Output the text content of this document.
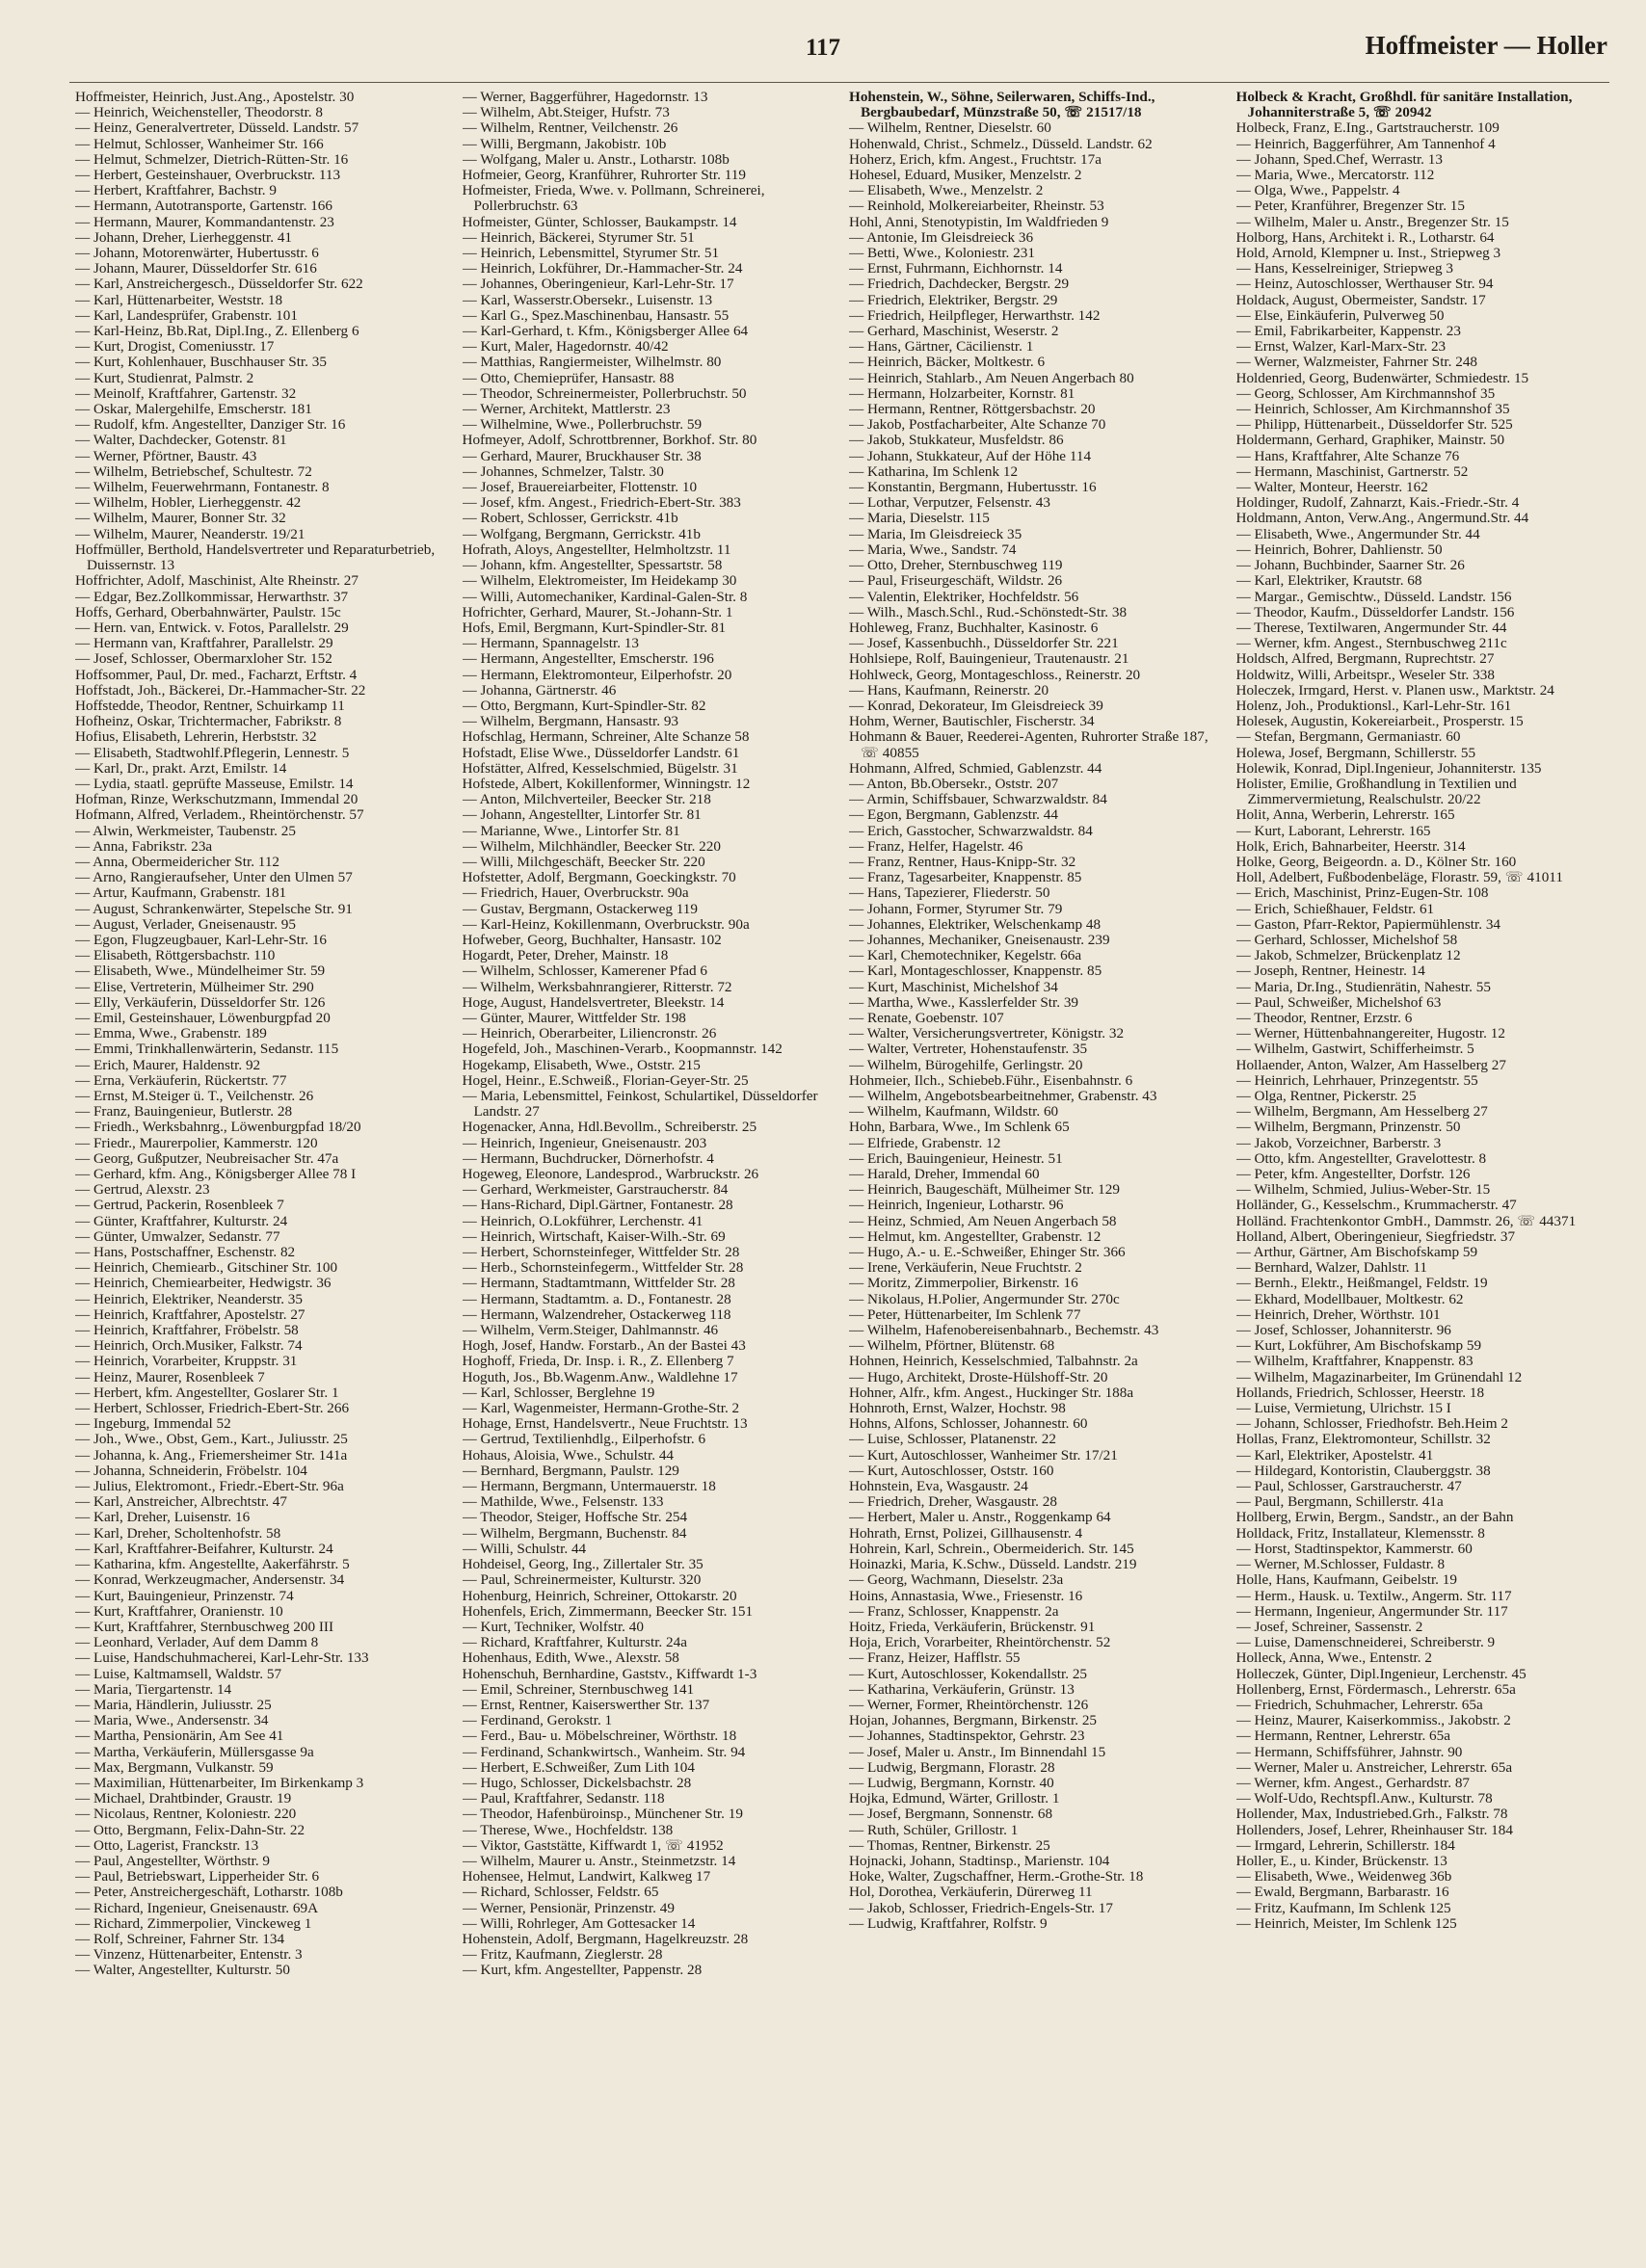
117	Hoffmeister — Holler

Hoffmeister, Heinrich, Just.Ang., Apostelstr. 30

— Heinrich, Weichensteller, Theodorstr. 8

— Heinz, Generalvertreter, Düsseld. Landstr. 57

— Helmut, Schlosser, Wanheimer Str. 166

— Helmut, Schmelzer, Dietrich-Rütten-Str. 16

— Herbert, Gesteinshauer, Overbruckstr. 113

— Herbert, Kraftfahrer, Bachstr. 9

— Hermann, Autotransporte, Gartenstr. 166

— Hermann, Maurer, Kommandantenstr. 23

— Johann, Dreher, Lierheggenstr. 41

— Johann, Motorenwärter, Hubertusstr. 6

— Johann, Maurer, Düsseldorfer Str. 616

— Karl, Anstreichergesch., Düsseldorfer Str. 622

— Karl, Hüttenarbeiter, Weststr. 18

— Karl, Landesprüfer, Grabenstr. 101

— Karl-Heinz, Bb.Rat, Dipl.Ing., Z. Ellenberg 6

— Kurt, Drogist, Comeniusstr. 17

— Kurt, Kohlenhauer, Buschhauser Str. 35

— Kurt, Studienrat, Palmstr. 2

— Meinolf, Kraftfahrer, Gartenstr. 32

— Oskar, Malergehilfe, Emscherstr. 181

— Rudolf, kfm. Angestellter, Danziger Str. 16

— Walter, Dachdecker, Gotenstr. 81

— Werner, Pförtner, Baustr. 43

— Wilhelm, Betriebschef, Schultestr. 72

— Wilhelm, Feuerwehrmann, Fontanestr. 8

— Wilhelm, Hobler, Lierheggenstr. 42

— Wilhelm, Maurer, Bonner Str. 32

— Wilhelm, Maurer, Neanderstr. 19/21

Hoffmüller, Berthold, Handelsvertreter und Reparaturbetrieb, Duissernstr. 13

Hoffrichter, Adolf, Maschinist, Alte Rheinstr. 27

— Edgar, Bez.Zollkommissar, Herwarthstr. 37

Hoffs, Gerhard, Oberbahnwärter, Paulstr. 15c

— Hern. van, Entwick. v. Fotos, Parallelstr. 29

— Hermann van, Kraftfahrer, Parallelstr. 29

— Josef, Schlosser, Obermarxloher Str. 152

Hoffsommer, Paul, Dr. med., Facharzt, Erftstr. 4

Hoffstadt, Joh., Bäckerei, Dr.-Hammacher-Str. 22

Hoffstedde, Theodor, Rentner, Schuirkamp 11

Hofheinz, Oskar, Trichtermacher, Fabrikstr. 8

Hofius, Elisabeth, Lehrerin, Herbststr. 32

— Elisabeth, Stadtwohlf.Pflegerin, Lennestr. 5

— Karl, Dr., prakt. Arzt, Emilstr. 14

— Lydia, staatl. geprüfte Masseuse, Emilstr. 14

Hofman, Rinze, Werkschutzmann, Immendal 20

Hofmann, Alfred, Verladem., Rheintörchenstr. 57

— Alwin, Werkmeister, Taubenstr. 25

— Anna, Fabrikstr. 23a

— Anna, Obermeidericher Str. 112

— Arno, Rangieraufseher, Unter den Ulmen 57

— Artur, Kaufmann, Grabenstr. 181

— August, Schrankenwärter, Stepelsche Str. 91

— August, Verlader, Gneisenaustr. 95

— Egon, Flugzeugbauer, Karl-Lehr-Str. 16

— Elisabeth, Röttgersbachstr. 110

— Elisabeth, Wwe., Mündelheimer Str. 59

— Elise, Vertreterin, Mülheimer Str. 290

— Elly, Verkäuferin, Düsseldorfer Str. 126

— Emil, Gesteinshauer, Löwenburgpfad 20

— Emma, Wwe., Grabenstr. 189

— Emmi, Trinkhallenwärterin, Sedanstr. 115

— Erich, Maurer, Haldenstr. 92

— Erna, Verkäuferin, Rückertstr. 77

— Ernst, M.Steiger ü. T., Veilchenstr. 26

— Franz, Bauingenieur, Butlerstr. 28

— Friedh., Werksbahnrg., Löwenburgpfad 18/20

— Friedr., Maurerpolier, Kammerstr. 120

— Georg, Gußputzer, Neubreisacher Str. 47a

— Gerhard, kfm. Ang., Königsberger Allee 78 I

— Gertrud, Alexstr. 23

— Gertrud, Packerin, Rosenbleek 7

— Günter, Kraftfahrer, Kulturstr. 24

— Günter, Umwalzer, Sedanstr. 77

— Hans, Postschaffner, Eschenstr. 82

— Heinrich, Chemiearb., Gitschiner Str. 100

— Heinrich, Chemiearbeiter, Hedwigstr. 36

— Heinrich, Elektriker, Neanderstr. 35

— Heinrich, Kraftfahrer, Apostelstr. 27

— Heinrich, Kraftfahrer, Fröbelstr. 58

— Heinrich, Orch.Musiker, Falkstr. 74

— Heinrich, Vorarbeiter, Kruppstr. 31

— Heinz, Maurer, Rosenbleek 7

— Herbert, kfm. Angestellter, Goslarer Str. 1

— Herbert, Schlosser, Friedrich-Ebert-Str. 266

— Ingeburg, Immendal 52

— Joh., Wwe., Obst, Gem., Kart., Juliusstr. 25

— Johanna, k. Ang., Friemersheimer Str. 141a

— Johanna, Schneiderin, Fröbelstr. 104

— Julius, Elektromont., Friedr.-Ebert-Str. 96a

— Karl, Anstreicher, Albrechtstr. 47

— Karl, Dreher, Luisenstr. 16

— Karl, Dreher, Scholtenhofstr. 58

— Karl, Kraftfahrer-Beifahrer, Kulturstr. 24

— Katharina, kfm. Angestellte, Aakerfährstr. 5

— Konrad, Werkzeugmacher, Andersenstr. 34

— Kurt, Bauingenieur, Prinzenstr. 74

— Kurt, Kraftfahrer, Oranienstr. 10

— Kurt, Kraftfahrer, Sternbuschweg 200 III

— Leonhard, Verlader, Auf dem Damm 8

— Luise, Handschuhmacherei, Karl-Lehr-Str. 133

— Luise, Kaltmamsell, Waldstr. 57

— Maria, Tiergartenstr. 14

— Maria, Händlerin, Juliusstr. 25

— Maria, Wwe., Andersenstr. 34

— Martha, Pensionärin, Am See 41

— Martha, Verkäuferin, Müllersgasse 9a

— Max, Bergmann, Vulkanstr. 59

— Maximilian, Hüttenarbeiter, Im Birkenkamp 3

— Michael, Drahtbinder, Graustr. 19

— Nicolaus, Rentner, Koloniestr. 220

— Otto, Bergmann, Felix-Dahn-Str. 22

— Otto, Lagerist, Franckstr. 13

— Paul, Angestellter, Wörthstr. 9

— Paul, Betriebswart, Lipperheider Str. 6

— Peter, Anstreichergeschäft, Lotharstr. 108b

— Richard, Ingenieur, Gneisenaustr. 69A

— Richard, Zimmerpolier, Vinckeweg 1

— Rolf, Schreiner, Fahrner Str. 134

— Vinzenz, Hüttenarbeiter, Entenstr. 3

— Walter, Angestellter, Kulturstr. 50

— Werner, Baggerführer, Hagedornstr. 13

— Wilhelm, Abt.Steiger, Hufstr. 73

— Wilhelm, Rentner, Veilchenstr. 26

— Willi, Bergmann, Jakobistr. 10b

— Wolfgang, Maler u. Anstr., Lotharstr. 108b

Hofmeier, Georg, Kranführer, Ruhrorter Str. 119

Hofmeister, Frieda, Wwe. v. Pollmann, Schreinerei, Pollerbruchstr. 63

Hofmeister, Günter, Schlosser, Baukampstr. 14

— Heinrich, Bäckerei, Styrumer Str. 51

— Heinrich, Lebensmittel, Styrumer Str. 51

— Heinrich, Lokführer, Dr.-Hammacher-Str. 24

— Johannes, Oberingenieur, Karl-Lehr-Str. 17

— Karl, Wasserstr.Obersekr., Luisenstr. 13

— Karl G., Spez.Maschinenbau, Hansastr. 55

— Karl-Gerhard, t. Kfm., Königsberger Allee 64

— Kurt, Maler, Hagedornstr. 40/42

— Matthias, Rangiermeister, Wilhelmstr. 80

— Otto, Chemieprüfer, Hansastr. 88

— Theodor, Schreinermeister, Pollerbruchstr. 50

— Werner, Architekt, Mattlerstr. 23

— Wilhelmine, Wwe., Pollerbruchstr. 59

Hofmeyer, Adolf, Schrottbrenner, Borkhof. Str. 80

— Gerhard, Maurer, Bruckhauser Str. 38

— Johannes, Schmelzer, Talstr. 30

— Josef, Brauereiarbeiter, Flottenstr. 10

— Josef, kfm. Angest., Friedrich-Ebert-Str. 383

— Robert, Schlosser, Gerrickstr. 41b

— Wolfgang, Bergmann, Gerrickstr. 41b

Hofrath, Aloys, Angestellter, Helmholtzstr. 11

— Johann, kfm. Angestellter, Spessartstr. 58

— Wilhelm, Elektromeister, Im Heidekamp 30

— Willi, Automechaniker, Kardinal-Galen-Str. 8

Hofrichter, Gerhard, Maurer, St.-Johann-Str. 1

Hofs, Emil, Bergmann, Kurt-Spindler-Str. 81

— Hermann, Spannagelstr. 13

— Hermann, Angestellter, Emscherstr. 196

— Hermann, Elektromonteur, Eilperhofstr. 20

— Johanna, Gärtnerstr. 46

— Otto, Bergmann, Kurt-Spindler-Str. 82

— Wilhelm, Bergmann, Hansastr. 93

Hofschlag, Hermann, Schreiner, Alte Schanze 58

Hofstadt, Elise Wwe., Düsseldorfer Landstr. 61

Hofstätter, Alfred, Kesselschmied, Bügelstr. 31

Hofstede, Albert, Kokillenformer, Winningstr. 12

— Anton, Milchverteiler, Beecker Str. 218

— Johann, Angestellter, Lintorfer Str. 81

— Marianne, Wwe., Lintorfer Str. 81

— Wilhelm, Milchhändler, Beecker Str. 220

— Willi, Milchgeschäft, Beecker Str. 220

Hofstetter, Adolf, Bergmann, Goeckingkstr. 70

— Friedrich, Hauer, Overbruckstr. 90a

— Gustav, Bergmann, Ostackerweg 119

— Karl-Heinz, Kokillenmann, Overbruckstr. 90a

Hofweber, Georg, Buchhalter, Hansastr. 102

Hogardt, Peter, Dreher, Mainstr. 18

— Wilhelm, Schlosser, Kamerener Pfad 6

— Wilhelm, Werksbahnrangierer, Ritterstr. 72

Hoge, August, Handelsvertreter, Bleekstr. 14

— Günter, Maurer, Wittfelder Str. 198

— Heinrich, Oberarbeiter, Liliencronstr. 26

Hogefeld, Joh., Maschinen-Verarb., Koopmannstr. 142

Hogekamp, Elisabeth, Wwe., Oststr. 215

Hogel, Heinr., E.Schweiß., Florian-Geyer-Str. 25

— Maria, Lebensmittel, Feinkost, Schulartikel, Düsseldorfer Landstr. 27

Hogenacker, Anna, Hdl.Bevollm., Schreiberstr. 25

— Heinrich, Ingenieur, Gneisenaustr. 203

— Hermann, Buchdrucker, Dörnerhofstr. 4

Hogeweg, Eleonore, Landesprod., Warbruckstr. 26

— Gerhard, Werkmeister, Garstraucherstr. 84

— Hans-Richard, Dipl.Gärtner, Fontanestr. 28

— Heinrich, O.Lokführer, Lerchenstr. 41

— Heinrich, Wirtschaft, Kaiser-Wilh.-Str. 69

— Herbert, Schornsteinfeger, Wittfelder Str. 28

— Herb., Schornsteinfegerm., Wittfelder Str. 28

— Hermann, Stadtamtmann, Wittfelder Str. 28

— Hermann, Stadtamtm. a. D., Fontanestr. 28

— Hermann, Walzendreher, Ostackerweg 118

— Wilhelm, Verm.Steiger, Dahlmannstr. 46

Hogh, Josef, Handw. Forstarb., An der Bastei 43

Hoghoff, Frieda, Dr. Insp. i. R., Z. Ellenberg 7

Hoguth, Jos., Bb.Wagenm.Anw., Waldlehne 17

— Karl, Schlosser, Berglehne 19

— Karl, Wagenmeister, Hermann-Grothe-Str. 2

Hohage, Ernst, Handelsvertr., Neue Fruchtstr. 13

— Gertrud, Textilienhdlg., Eilperhofstr. 6

Hohaus, Aloisia, Wwe., Schulstr. 44

— Bernhard, Bergmann, Paulstr. 129

— Hermann, Bergmann, Untermauerstr. 18

— Mathilde, Wwe., Felsenstr. 133

— Theodor, Steiger, Hoffsche Str. 254

— Wilhelm, Bergmann, Buchenstr. 84

— Willi, Schulstr. 44

Hohdeisel, Georg, Ing., Zillertaler Str. 35

— Paul, Schreinermeister, Kulturstr. 320

Hohenburg, Heinrich, Schreiner, Ottokarstr. 20

Hohenfels, Erich, Zimmermann, Beecker Str. 151

— Kurt, Techniker, Wolfstr. 40

— Richard, Kraftfahrer, Kulturstr. 24a

Hohenhaus, Edith, Wwe., Alexstr. 58

Hohenschuh, Bernhardine, Gaststv., Kiffwardt 1-3

— Emil, Schreiner, Sternbuschweg 141

— Ernst, Rentner, Kaiserswerther Str. 137

— Ferdinand, Gerokstr. 1

— Ferd., Bau- u. Möbelschreiner, Wörthstr. 18

— Ferdinand, Schankwirtsch., Wanheim. Str. 94

— Herbert, E.Schweißer, Zum Lith 104

— Hugo, Schlosser, Dickelsbachstr. 28

— Paul, Kraftfahrer, Sedanstr. 118

— Theodor, Hafenbüroinsp., Münchener Str. 19

— Therese, Wwe., Hochfeldstr. 138

— Viktor, Gaststätte, Kiffwardt 1, ☏ 41952

— Wilhelm, Maurer u. Anstr., Steinmetzstr. 14

Hohensee, Helmut, Landwirt, Kalkweg 17

— Richard, Schlosser, Feldstr. 65

— Werner, Pensionär, Prinzenstr. 49

— Willi, Rohrleger, Am Gottesacker 14

Hohenstein, Adolf, Bergmann, Hagelkreuzstr. 28

— Fritz, Kaufmann, Zieglerstr. 28

— Kurt, kfm. Angestellter, Pappenstr. 28

Hohenstein, W., Söhne, Seilerwaren, Schiffs-Ind., Bergbaubedarf, Münzstraße 50, ☏ 21517/18

— Wilhelm, Rentner, Dieselstr. 60

Hohenwald, Christ., Schmelz., Düsseld. Landstr. 62

Hoherz, Erich, kfm. Angest., Fruchtstr. 17a

Hohesel, Eduard, Musiker, Menzelstr. 2

— Elisabeth, Wwe., Menzelstr. 2

— Reinhold, Molkereiarbeiter, Rheinstr. 53

Hohl, Anni, Stenotypistin, Im Waldfrieden 9

— Antonie, Im Gleisdreieck 36

— Betti, Wwe., Koloniestr. 231

— Ernst, Fuhrmann, Eichhornstr. 14

— Friedrich, Dachdecker, Bergstr. 29

— Friedrich, Elektriker, Bergstr. 29

— Friedrich, Heilpfleger, Herwarthstr. 142

— Gerhard, Maschinist, Weserstr. 2

— Hans, Gärtner, Cäcilienstr. 1

— Heinrich, Bäcker, Moltkestr. 6

— Heinrich, Stahlarb., Am Neuen Angerbach 80

— Hermann, Holzarbeiter, Kornstr. 81

— Hermann, Rentner, Röttgersbachstr. 20

— Jakob, Postfacharbeiter, Alte Schanze 70

— Jakob, Stukkateur, Musfeldstr. 86

— Johann, Stukkateur, Auf der Höhe 114

— Katharina, Im Schlenk 12

— Konstantin, Bergmann, Hubertusstr. 16

— Lothar, Verputzer, Felsenstr. 43

— Maria, Dieselstr. 115

— Maria, Im Gleisdreieck 35

— Maria, Wwe., Sandstr. 74

— Otto, Dreher, Sternbuschweg 119

— Paul, Friseurgeschäft, Wildstr. 26

— Valentin, Elektriker, Hochfeldstr. 56

— Wilh., Masch.Schl., Rud.-Schönstedt-Str. 38

Hohleweg, Franz, Buchhalter, Kasinostr. 6

— Josef, Kassenbuchh., Düsseldorfer Str. 221

Hohlsiepe, Rolf, Bauingenieur, Trautenaustr. 21

Hohlweck, Georg, Montageschloss., Reinerstr. 20

— Hans, Kaufmann, Reinerstr. 20

— Konrad, Dekorateur, Im Gleisdreieck 39

Hohm, Werner, Bautischler, Fischerstr. 34

Hohmann & Bauer, Reederei-Agenten, Ruhrorter Straße 187, ☏ 40855

Hohmann, Alfred, Schmied, Gablenzstr. 44

— Anton, Bb.Obersekr., Oststr. 207

— Armin, Schiffsbauer, Schwarzwaldstr. 84

— Egon, Bergmann, Gablenzstr. 44

— Erich, Gasstocher, Schwarzwaldstr. 84

— Franz, Helfer, Hagelstr. 46

— Franz, Rentner, Haus-Knipp-Str. 32

— Franz, Tagesarbeiter, Knappenstr. 85

— Hans, Tapezierer, Fliederstr. 50

— Johann, Former, Styrumer Str. 79

— Johannes, Elektriker, Welschenkamp 48

— Johannes, Mechaniker, Gneisenaustr. 239

— Karl, Chemotechniker, Kegelstr. 66a

— Karl, Montageschlosser, Knappenstr. 85

— Kurt, Maschinist, Michelshof 34

— Martha, Wwe., Kasslerfelder Str. 39

— Renate, Goebenstr. 107

— Walter, Versicherungsvertreter, Königstr. 32

— Walter, Vertreter, Hohenstaufenstr. 35

— Wilhelm, Bürogehilfe, Gerlingstr. 20

Hohmeier, Ilch., Schiebeb.Führ., Eisenbahnstr. 6

— Wilhelm, Angebotsbearbeitnehmer, Grabenstr. 43

— Wilhelm, Kaufmann, Wildstr. 60

Hohn, Barbara, Wwe., Im Schlenk 65

— Elfriede, Grabenstr. 12

— Erich, Bauingenieur, Heinestr. 51

— Harald, Dreher, Immendal 60

— Heinrich, Baugeschäft, Mülheimer Str. 129

— Heinrich, Ingenieur, Lotharstr. 96

— Heinz, Schmied, Am Neuen Angerbach 58

— Helmut, km. Angestellter, Grabenstr. 12

— Hugo, A.- u. E.-Schweißer, Ehinger Str. 366

— Irene, Verkäuferin, Neue Fruchtstr. 2

— Moritz, Zimmerpolier, Birkenstr. 16

— Nikolaus, H.Polier, Angermunder Str. 270c

— Peter, Hüttenarbeiter, Im Schlenk 77

— Wilhelm, Hafenobereisenbahnarb., Bechemstr. 43

— Wilhelm, Pförtner, Blütenstr. 68

Hohnen, Heinrich, Kesselschmied, Talbahnstr. 2a

— Hugo, Architekt, Droste-Hülshoff-Str. 20

Hohner, Alfr., kfm. Angest., Huckinger Str. 188a

Hohnroth, Ernst, Walzer, Hochstr. 98

Hohns, Alfons, Schlosser, Johannestr. 60

— Luise, Schlosser, Platanenstr. 22

— Kurt, Autoschlosser, Wanheimer Str. 17/21

— Kurt, Autoschlosser, Oststr. 160

Hohnstein, Eva, Wasgaustr. 24

— Friedrich, Dreher, Wasgaustr. 28

— Herbert, Maler u. Anstr., Roggenkamp 64

Hohrath, Ernst, Polizei, Gillhausenstr. 4

Hohrein, Karl, Schrein., Obermeiderich. Str. 145

Hoinazki, Maria, K.Schw., Düsseld. Landstr. 219

— Georg, Wachmann, Dieselstr. 23a

Hoins, Annastasia, Wwe., Friesenstr. 16

— Franz, Schlosser, Knappenstr. 2a

Hoitz, Frieda, Verkäuferin, Brückenstr. 91

Hoja, Erich, Vorarbeiter, Rheintörchenstr. 52

— Franz, Heizer, Hafflstr. 55

— Kurt, Autoschlosser, Kokendallstr. 25

— Katharina, Verkäuferin, Grünstr. 13

— Werner, Former, Rheintörchenstr. 126

Hojan, Johannes, Bergmann, Birkenstr. 25

— Johannes, Stadtinspektor, Gehrstr. 23

— Josef, Maler u. Anstr., Im Binnendahl 15

— Ludwig, Bergmann, Florastr. 28

— Ludwig, Bergmann, Kornstr. 40

Hojka, Edmund, Wärter, Grillostr. 1

— Josef, Bergmann, Sonnenstr. 68

— Ruth, Schüler, Grillostr. 1

— Thomas, Rentner, Birkenstr. 25

Hojnacki, Johann, Stadtinsp., Marienstr. 104

Hoke, Walter, Zugschaffner, Herm.-Grothe-Str. 18

Hol, Dorothea, Verkäuferin, Dürerweg 11

— Jakob, Schlosser, Friedrich-Engels-Str. 17

— Ludwig, Kraftfahrer, Rolfstr. 9

Holbeck & Kracht, Großhdl. für sanitäre Installation, Johanniterstraße 5, ☏ 20942

Holbeck, Franz, E.Ing., Gartstraucherstr. 109

— Heinrich, Baggerführer, Am Tannenhof 4

— Johann, Sped.Chef, Werrastr. 13

— Maria, Wwe., Mercatorstr. 112

— Olga, Wwe., Pappelstr. 4

— Peter, Kranführer, Bregenzer Str. 15

— Wilhelm, Maler u. Anstr., Bregenzer Str. 15

Holborg, Hans, Architekt i. R., Lotharstr. 64

Hold, Arnold, Klempner u. Inst., Striepweg 3

— Hans, Kesselreiniger, Striepweg 3

— Heinz, Autoschlosser, Werthauser Str. 94

Holdack, August, Obermeister, Sandstr. 17

— Else, Einkäuferin, Pulverweg 50

— Emil, Fabrikarbeiter, Kappenstr. 23

— Ernst, Walzer, Karl-Marx-Str. 23

— Werner, Walzmeister, Fahrner Str. 248

Holdenried, Georg, Budenwärter, Schmiedestr. 15

— Georg, Schlosser, Am Kirchmannshof 35

— Heinrich, Schlosser, Am Kirchmannshof 35

— Philipp, Hüttenarbeit., Düsseldorfer Str. 525

Holdermann, Gerhard, Graphiker, Mainstr. 50

— Hans, Kraftfahrer, Alte Schanze 76

— Hermann, Maschinist, Gartnerstr. 52

— Walter, Monteur, Heerstr. 162

Holdinger, Rudolf, Zahnarzt, Kais.-Friedr.-Str. 4

Holdmann, Anton, Verw.Ang., Angermund.Str. 44

— Elisabeth, Wwe., Angermunder Str. 44

— Heinrich, Bohrer, Dahlienstr. 50

— Johann, Buchbinder, Saarner Str. 26

— Karl, Elektriker, Krautstr. 68

— Margar., Gemischtw., Düsseld. Landstr. 156

— Theodor, Kaufm., Düsseldorfer Landstr. 156

— Therese, Textilwaren, Angermunder Str. 44

— Werner, kfm. Angest., Sternbuschweg 211c

Holdsch, Alfred, Bergmann, Ruprechtstr. 27

Holdwitz, Willi, Arbeitspr., Weseler Str. 338

Holeczek, Irmgard, Herst. v. Planen usw., Marktstr. 24

Holenz, Joh., Produktionsl., Karl-Lehr-Str. 161

Holesek, Augustin, Kokereiarbeit., Prosperstr. 15

— Stefan, Bergmann, Germaniastr. 60

Holewa, Josef, Bergmann, Schillerstr. 55

Holewik, Konrad, Dipl.Ingenieur, Johanniterstr. 135

Holister, Emilie, Großhandlung in Textilien und Zimmervermietung, Realschulstr. 20/22

Holit, Anna, Werberin, Lehrerstr. 165

— Kurt, Laborant, Lehrerstr. 165

Holk, Erich, Bahnarbeiter, Heerstr. 314

Holke, Georg, Beigeordn. a. D., Kölner Str. 160

Holl, Adelbert, Fußbodenbeläge, Florastr. 59, ☏ 41011

— Erich, Maschinist, Prinz-Eugen-Str. 108

— Erich, Schießhauer, Feldstr. 61

— Gaston, Pfarr-Rektor, Papiermühlenstr. 34

— Gerhard, Schlosser, Michelshof 58

— Jakob, Schmelzer, Brückenplatz 12

— Joseph, Rentner, Heinestr. 14

— Maria, Dr.Ing., Studienrätin, Nahestr. 55

— Paul, Schweißer, Michelshof 63

— Theodor, Rentner, Erzstr. 6

— Werner, Hüttenbahnangereiter, Hugostr. 12

— Wilhelm, Gastwirt, Schifferheimstr. 5

Hollaender, Anton, Walzer, Am Hasselberg 27

— Heinrich, Lehrhauer, Prinzegentstr. 55

— Olga, Rentner, Pickerstr. 25

— Wilhelm, Bergmann, Am Hesselberg 27

— Wilhelm, Bergmann, Prinzenstr. 50

— Jakob, Vorzeichner, Barberstr. 3

— Otto, kfm. Angestellter, Gravelottestr. 8

— Peter, kfm. Angestellter, Dorfstr. 126

— Wilhelm, Schmied, Julius-Weber-Str. 15

Holländer, G., Kesselschm., Krummacherstr. 47

Holländ. Frachtenkontor GmbH., Dammstr. 26, ☏ 44371

Holland, Albert, Oberingenieur, Siegfriedstr. 37

— Arthur, Gärtner, Am Bischofskamp 59

— Bernhard, Walzer, Dahlstr. 11

— Bernh., Elektr., Heißmangel, Feldstr. 19

— Ekhard, Modellbauer, Moltkestr. 62

— Heinrich, Dreher, Wörthstr. 101

— Josef, Schlosser, Johanniterstr. 96

— Kurt, Lokführer, Am Bischofskamp 59

— Wilhelm, Kraftfahrer, Knappenstr. 83

— Wilhelm, Magazinarbeiter, Im Grünendahl 12

Hollands, Friedrich, Schlosser, Heerstr. 18

— Luise, Vermietung, Ulrichstr. 15 I

— Johann, Schlosser, Friedhofstr. Beh.Heim 2

Hollas, Franz, Elektromonteur, Schillstr. 32

— Karl, Elektriker, Apostelstr. 41

— Hildegard, Kontoristin, Clauberggstr. 38

— Paul, Schlosser, Garstraucherstr. 47

— Paul, Bergmann, Schillerstr. 41a

Hollberg, Erwin, Bergm., Sandstr., an der Bahn

Holldack, Fritz, Installateur, Klemensstr. 8

— Horst, Stadtinspektor, Kammerstr. 60

— Werner, M.Schlosser, Fuldastr. 8

Holle, Hans, Kaufmann, Geibelstr. 19

— Herm., Hausk. u. Textilw., Angerm. Str. 117

— Hermann, Ingenieur, Angermunder Str. 117

— Josef, Schreiner, Sassenstr. 2

— Luise, Damenschneiderei, Schreiberstr. 9

Holleck, Anna, Wwe., Entenstr. 2

Holleczek, Günter, Dipl.Ingenieur, Lerchenstr. 45

Hollenberg, Ernst, Fördermasch., Lehrerstr. 65a

— Friedrich, Schuhmacher, Lehrerstr. 65a

— Heinz, Maurer, Kaiserkommiss., Jakobstr. 2

— Hermann, Rentner, Lehrerstr. 65a

— Hermann, Schiffsführer, Jahnstr. 90

— Werner, Maler u. Anstreicher, Lehrerstr. 65a

— Werner, kfm. Angest., Gerhardstr. 87

— Wolf-Udo, Rechtspfl.Anw., Kulturstr. 78

Hollender, Max, Industriebed.Grh., Falkstr. 78

Hollenders, Josef, Lehrer, Rheinhauser Str. 184

— Irmgard, Lehrerin, Schillerstr. 184

Holler, E., u. Kinder, Brückenstr. 13

— Elisabeth, Wwe., Weidenweg 36b

— Ewald, Bergmann, Barbarastr. 16

— Fritz, Kaufmann, Im Schlenk 125

— Heinrich, Meister, Im Schlenk 125
